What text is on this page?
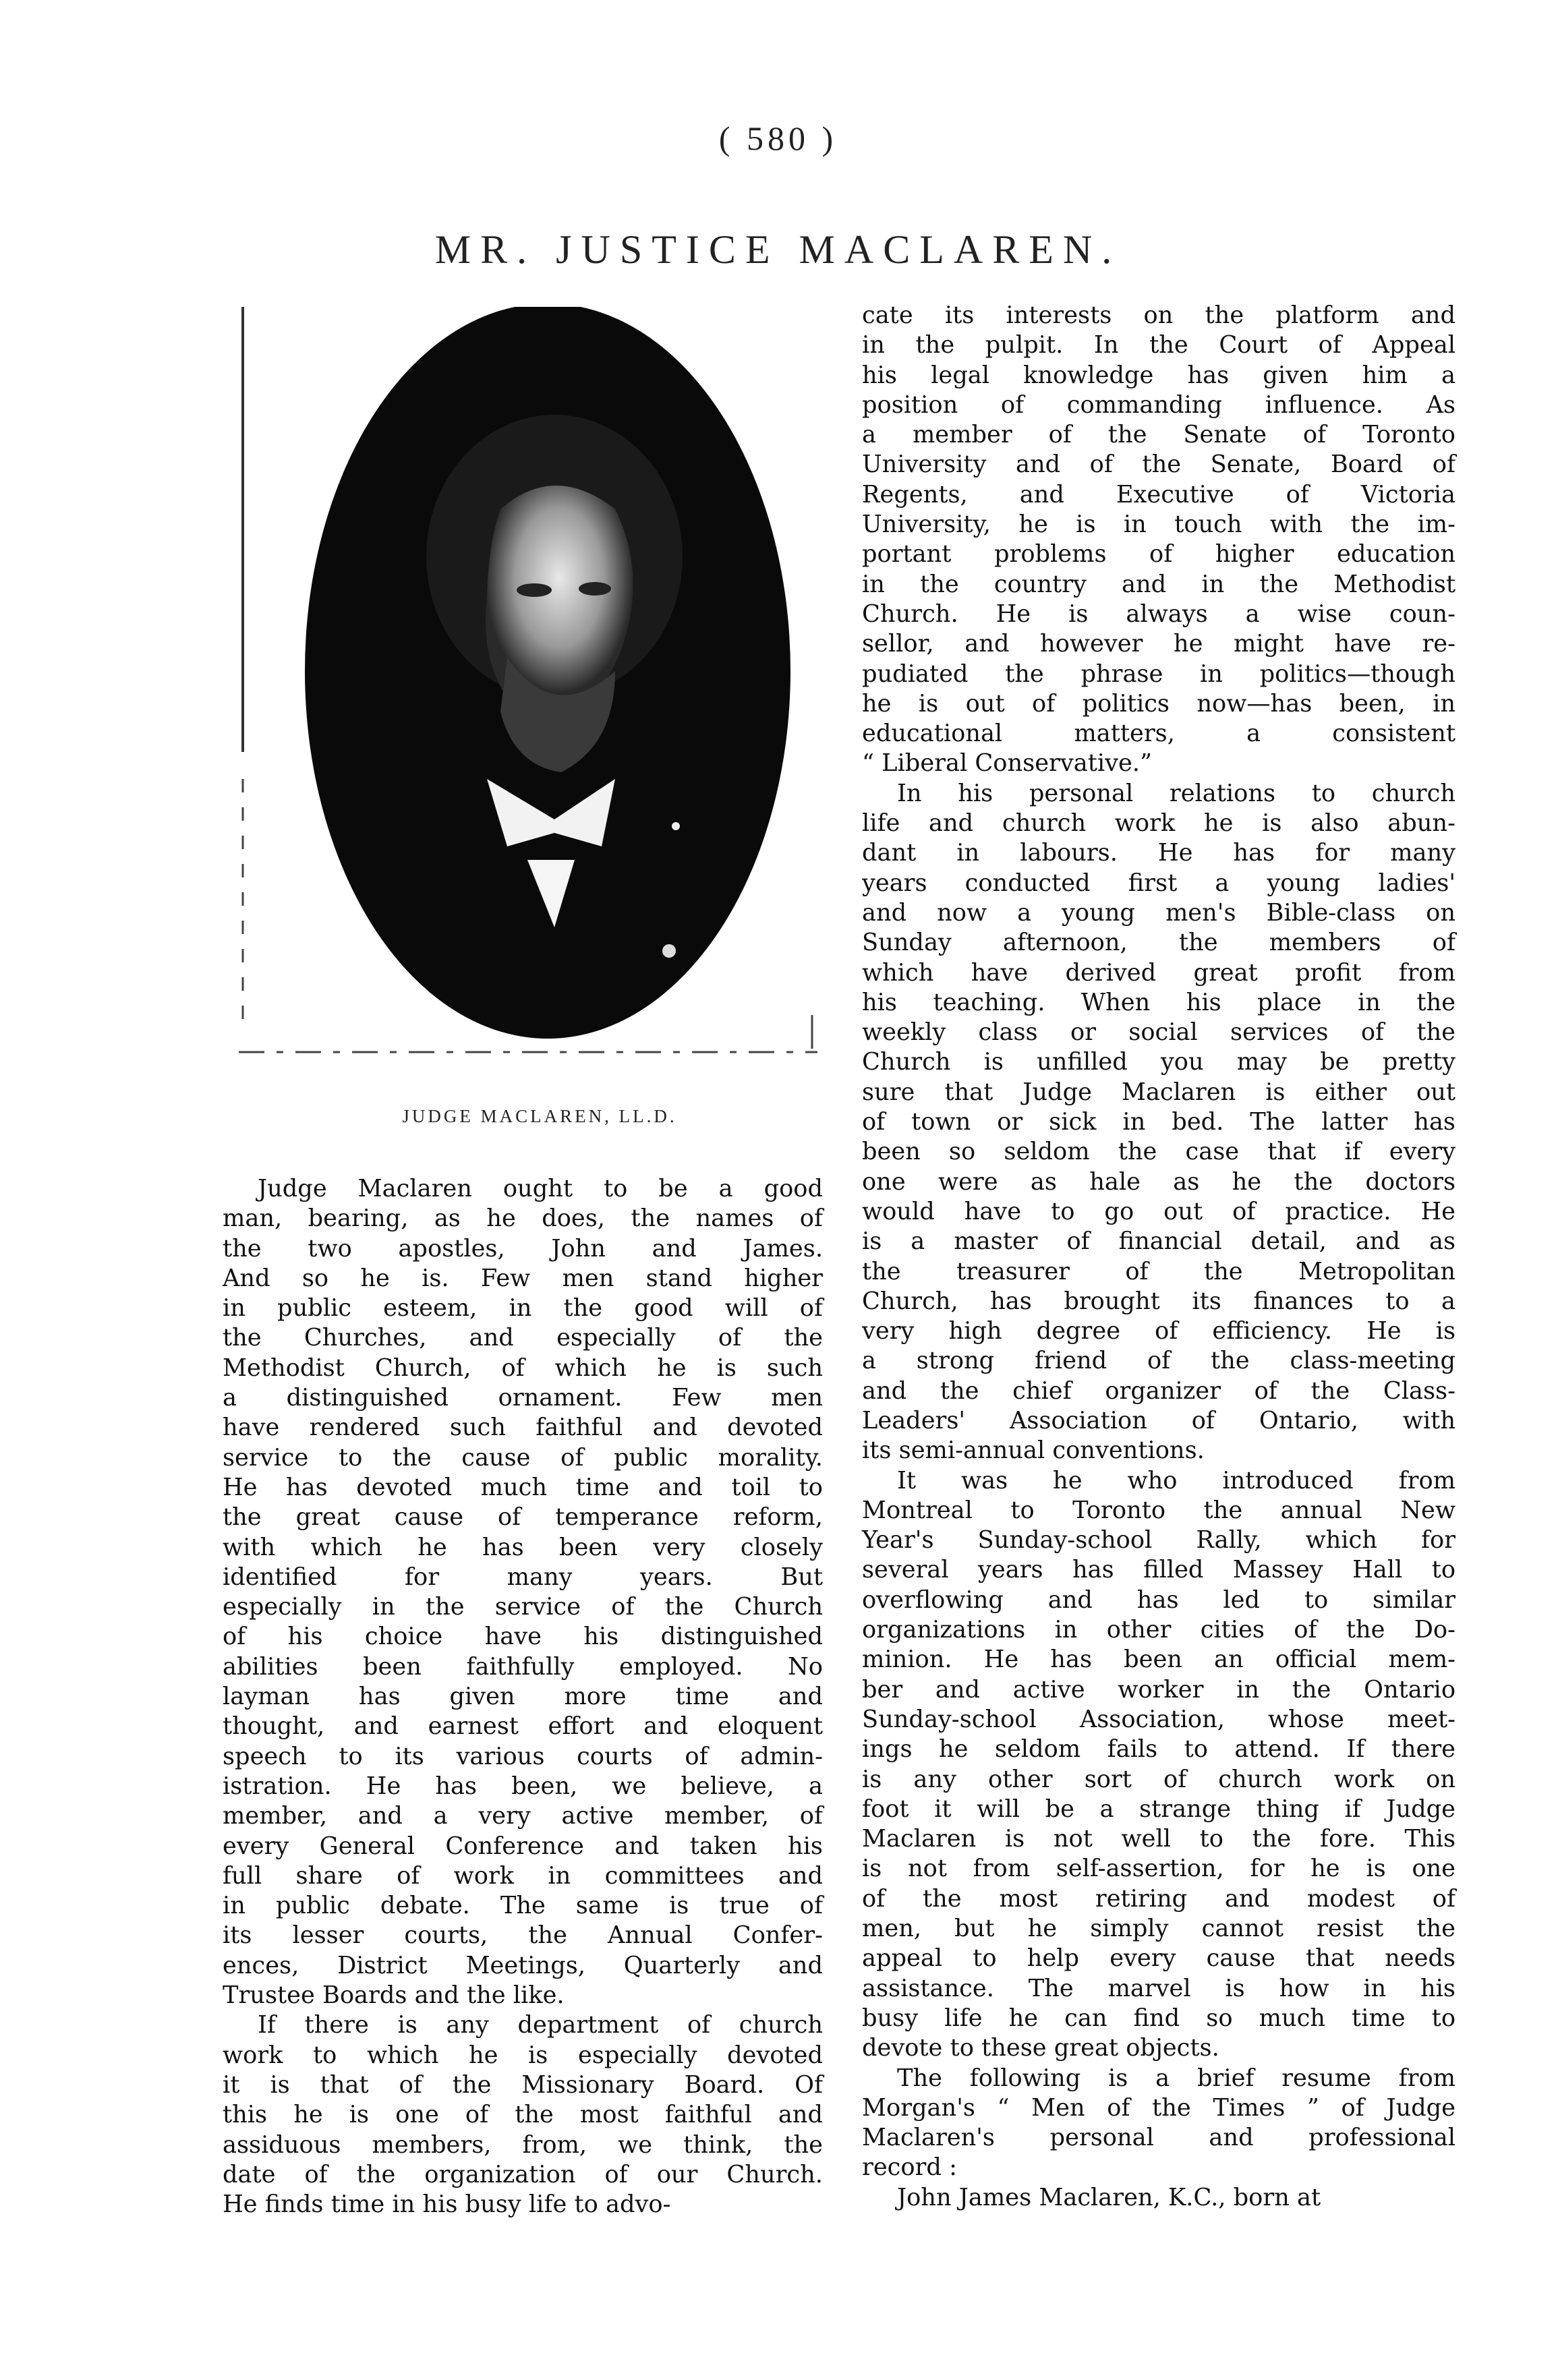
( 580 )
MR. JUSTICE MACLAREN.
JUDGE MACLAREN, LL.D.
Judge Maclaren ought to be a good
man, bearing, as he does, the names of
the two apostles, John and James.
And so he is. Few men stand higher
in public esteem, in the good will of
the Churches, and especially of the
Methodist Church, of which he is such
a distinguished ornament. Few men
have rendered such faithful and devoted
service to the cause of public morality.
He has devoted much time and toil to
the great cause of temperance reform,
with which he has been very closely
identified for many years. But
especially in the service of the Church
of his choice have his distinguished
abilities been faithfully employed. No
layman has given more time and
thought, and earnest effort and eloquent
speech to its various courts of admin-
istration. He has been, we believe, a
member, and a very active member, of
every General Conference and taken his
full share of work in committees and
in public debate. The same is true of
its lesser courts, the Annual Confer-
ences, District Meetings, Quarterly and
Trustee Boards and the like.
If there is any department of church
work to which he is especially devoted
it is that of the Missionary Board. Of
this he is one of the most faithful and
assiduous members, from, we think, the
date of the organization of our Church.
He finds time in his busy life to advo-
cate its interests on the platform and
in the pulpit. In the Court of Appeal
his legal knowledge has given him a
position of commanding influence. As
a member of the Senate of Toronto
University and of the Senate, Board of
Regents, and Executive of Victoria
University, he is in touch with the im-
portant problems of higher education
in the country and in the Methodist
Church. He is always a wise coun-
sellor, and however he might have re-
pudiated the phrase in politics—though
he is out of politics now—has been, in
educational matters, a consistent
“ Liberal Conservative.”
In his personal relations to church
life and church work he is also abun-
dant in labours. He has for many
years conducted first a young ladies'
and now a young men's Bible-class on
Sunday afternoon, the members of
which have derived great profit from
his teaching. When his place in the
weekly class or social services of the
Church is unfilled you may be pretty
sure that Judge Maclaren is either out
of town or sick in bed. The latter has
been so seldom the case that if every
one were as hale as he the doctors
would have to go out of practice. He
is a master of financial detail, and as
the treasurer of the Metropolitan
Church, has brought its finances to a
very high degree of efficiency. He is
a strong friend of the class-meeting
and the chief organizer of the Class-
Leaders' Association of Ontario, with
its semi-annual conventions.
It was he who introduced from
Montreal to Toronto the annual New
Year's Sunday-school Rally, which for
several years has filled Massey Hall to
overflowing and has led to similar
organizations in other cities of the Do-
minion. He has been an official mem-
ber and active worker in the Ontario
Sunday-school Association, whose meet-
ings he seldom fails to attend. If there
is any other sort of church work on
foot it will be a strange thing if Judge
Maclaren is not well to the fore. This
is not from self-assertion, for he is one
of the most retiring and modest of
men, but he simply cannot resist the
appeal to help every cause that needs
assistance. The marvel is how in his
busy life he can find so much time to
devote to these great objects.
The following is a brief resume from
Morgan's “ Men of the Times ” of Judge
Maclaren's personal and professional
record :
John James Maclaren, K.C., born at
